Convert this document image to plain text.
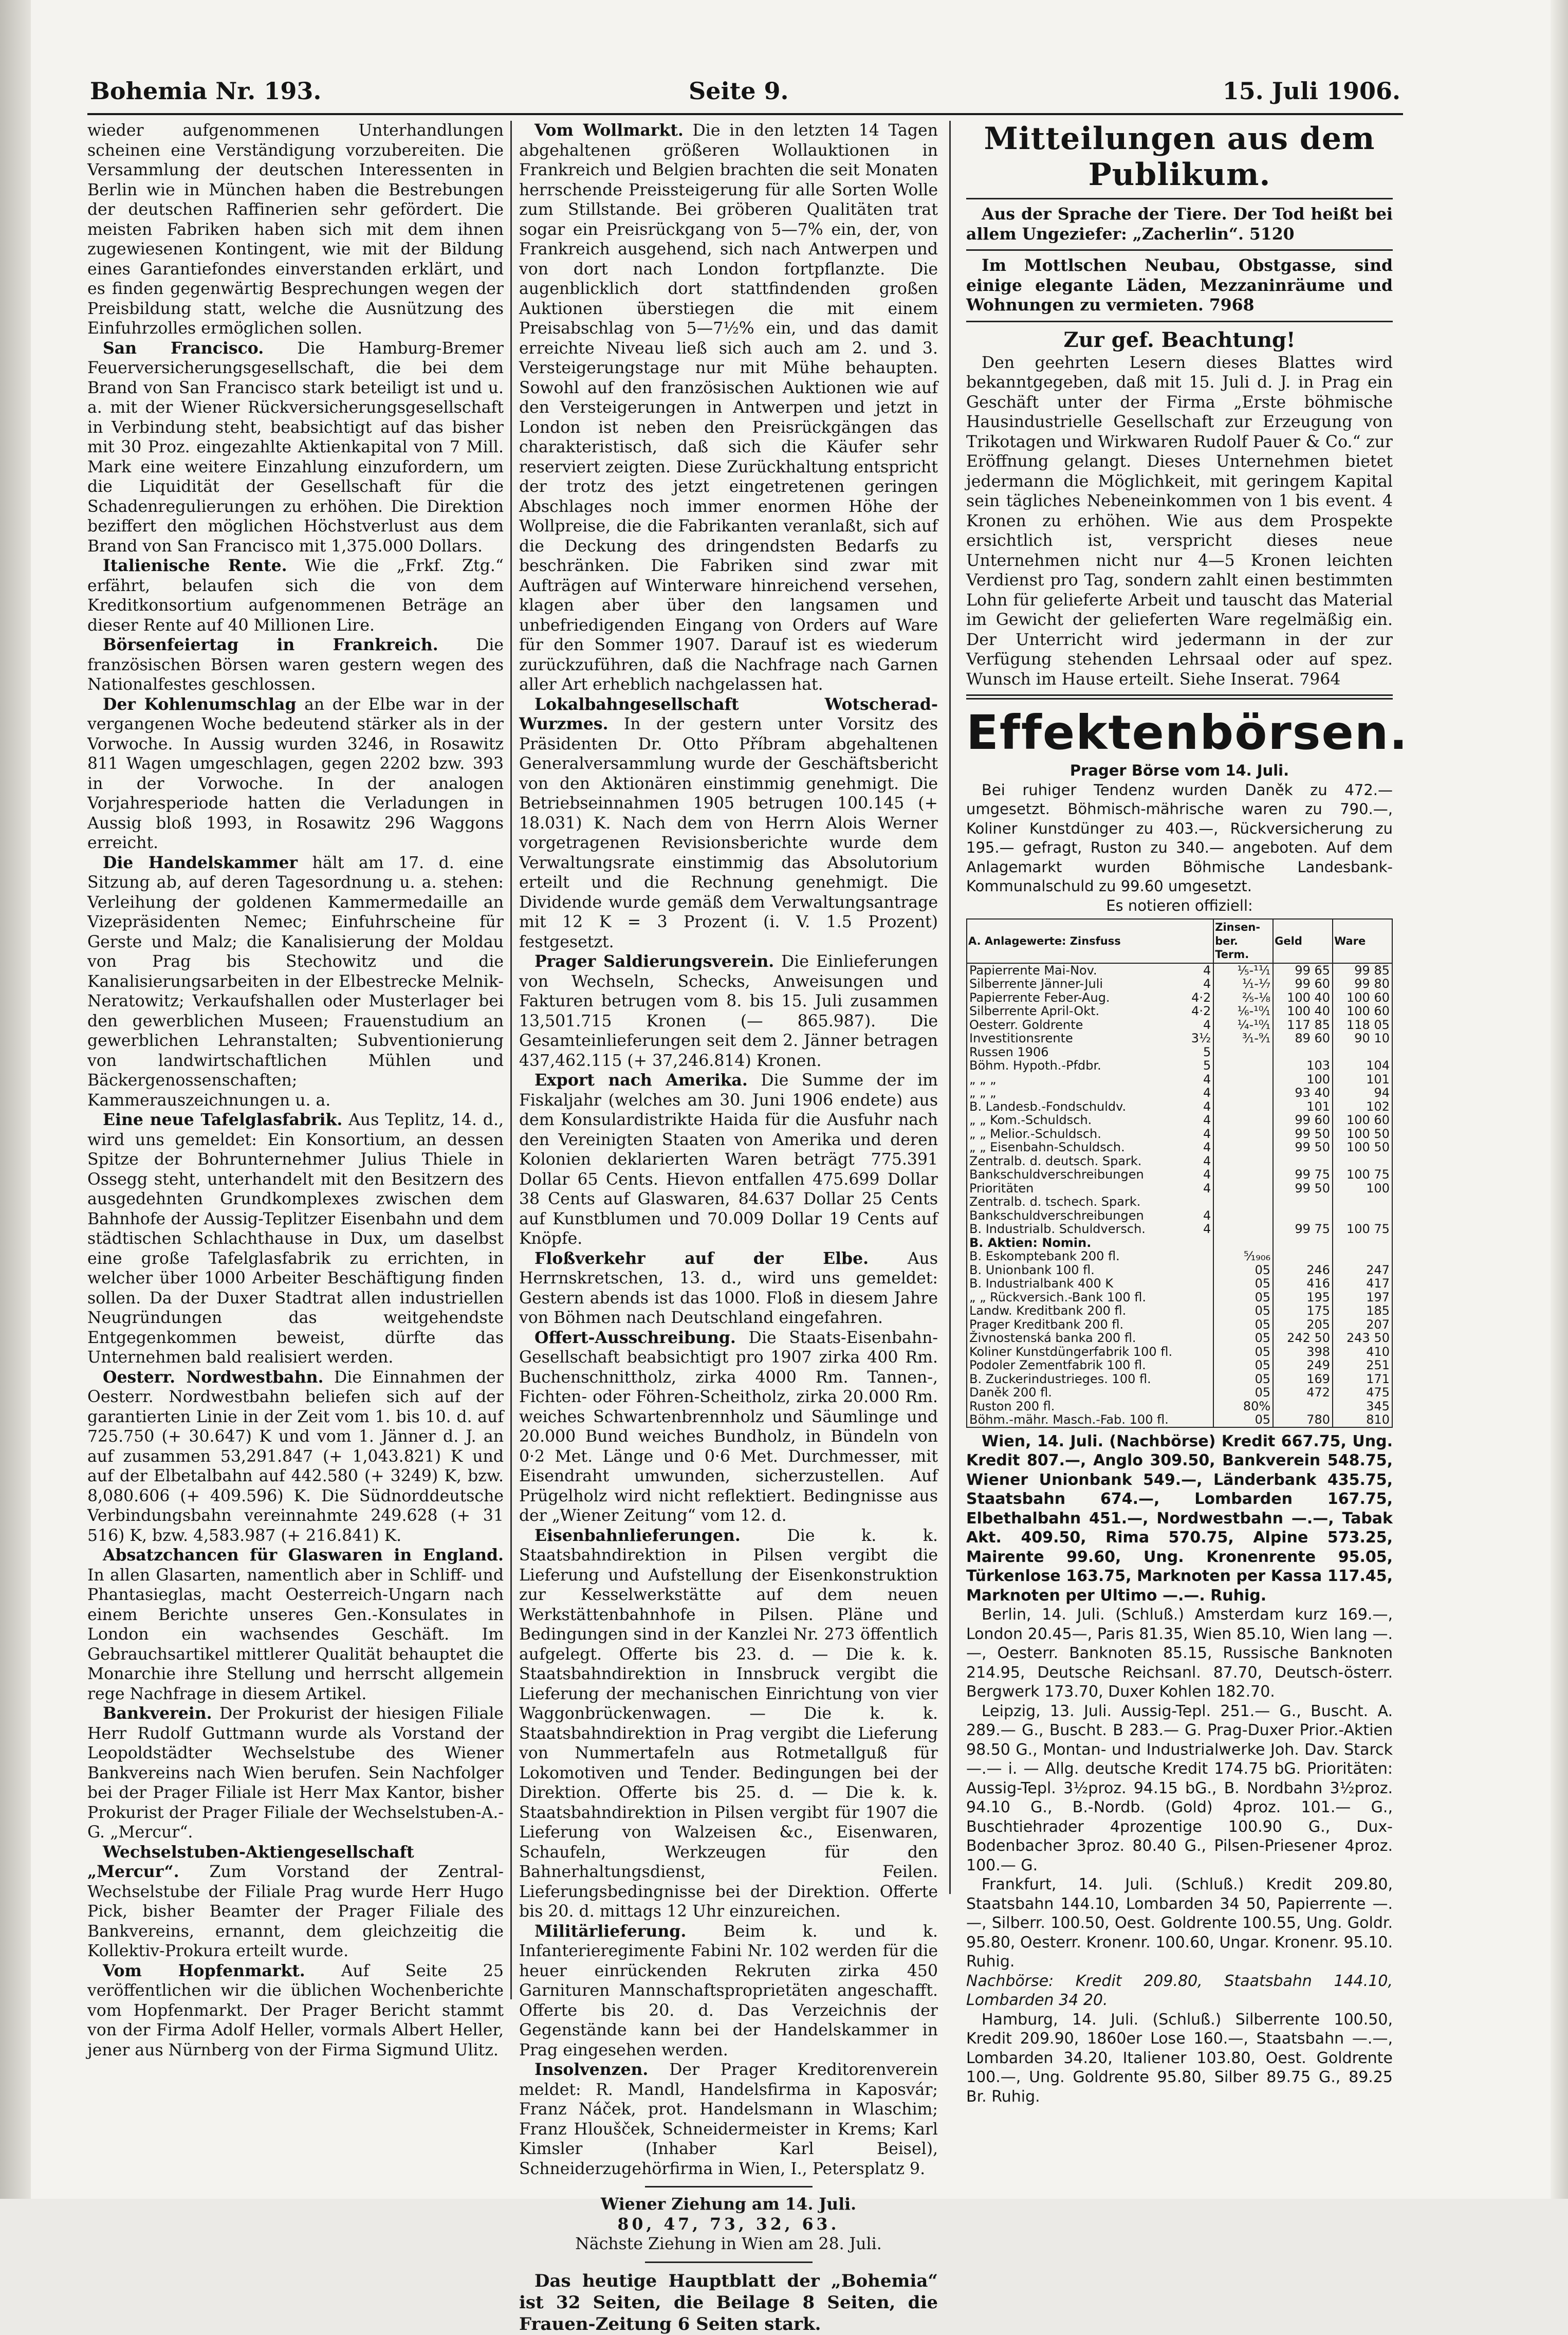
Bohemia Nr. 193.	Seite 9.	15. Juli 1906.

wieder aufgenommenen Unterhandlungen scheinen eine Verständigung vorzubereiten. Die Versammlung der deutschen Interessenten in Berlin wie in München haben die Bestrebungen der deutschen Raffinerien sehr gefördert. Die meisten Fabriken haben sich mit dem ihnen zugewiesenen Kontingent, wie mit der Bildung eines Garantiefondes einverstanden erklärt, und es finden gegenwärtig Besprechungen wegen der Preisbildung statt, welche die Ausnützung des Einfuhrzolles ermöglichen sollen.

San Francisco. Die Hamburg-Bremer Feuerversicherungsgesellschaft, die bei dem Brand von San Francisco stark beteiligt ist und u. a. mit der Wiener Rückversicherungsgesellschaft in Verbindung steht, beabsichtigt auf das bisher mit 30 Proz. eingezahlte Aktienkapital von 7 Mill. Mark eine weitere Einzahlung einzufordern, um die Liquidität der Gesellschaft für die Schadenregulierungen zu erhöhen. Die Direktion beziffert den möglichen Höchstverlust aus dem Brand von San Francisco mit 1,375.000 Dollars.

Italienische Rente. Wie die „Frkf. Ztg.“ erfährt, belaufen sich die von dem Kreditkonsortium aufgenommenen Beträge an dieser Rente auf 40 Millionen Lire.

Börsenfeiertag in Frankreich. Die französischen Börsen waren gestern wegen des Nationalfestes geschlossen.

Der Kohlenumschlag an der Elbe war in der vergangenen Woche bedeutend stärker als in der Vorwoche. In Aussig wurden 3246, in Rosawitz 811 Wagen umgeschlagen, gegen 2202 bzw. 393 in der Vorwoche. In der analogen Vorjahresperiode hatten die Verladungen in Aussig bloß 1993, in Rosawitz 296 Waggons erreicht.

Die Handelskammer hält am 17. d. eine Sitzung ab, auf deren Tagesordnung u. a. stehen: Verleihung der goldenen Kammermedaille an Vizepräsidenten Nemec; Einfuhrscheine für Gerste und Malz; die Kanalisierung der Moldau von Prag bis Stechowitz und die Kanalisierungsarbeiten in der Elbestrecke Melnik-Neratowitz; Verkaufshallen oder Musterlager bei den gewerblichen Museen; Frauenstudium an gewerblichen Lehranstalten; Subventionierung von landwirtschaftlichen Mühlen und Bäckergenossenschaften; Kammerauszeichnungen u. a.

Eine neue Tafelglasfabrik. Aus Teplitz, 14. d., wird uns gemeldet: Ein Konsortium, an dessen Spitze der Bohrunternehmer Julius Thiele in Ossegg steht, unterhandelt mit den Besitzern des ausgedehnten Grundkomplexes zwischen dem Bahnhofe der Aussig-Teplitzer Eisenbahn und dem städtischen Schlachthause in Dux, um daselbst eine große Tafelglasfabrik zu errichten, in welcher über 1000 Arbeiter Beschäftigung finden sollen. Da der Duxer Stadtrat allen industriellen Neugründungen das weitgehendste Entgegenkommen beweist, dürfte das Unternehmen bald realisiert werden.

Oesterr. Nordwestbahn. Die Einnahmen der Oesterr. Nordwestbahn beliefen sich auf der garantierten Linie in der Zeit vom 1. bis 10. d. auf 725.750 (+ 30.647) K und vom 1. Jänner d. J. an auf zusammen 53,291.847 (+ 1,043.821) K und auf der Elbetalbahn auf 442.580 (+ 3249) K, bzw. 8,080.606 (+ 409.596) K. Die Südnorddeutsche Verbindungsbahn vereinnahmte 249.628 (+ 31 516) K, bzw. 4,583.987 (+ 216.841) K.

Absatzchancen für Glaswaren in England. In allen Glasarten, namentlich aber in Schliff- und Phantasieglas, macht Oesterreich-Ungarn nach einem Berichte unseres Gen.-Konsulates in London ein wachsendes Geschäft. Im Gebrauchsartikel mittlerer Qualität behauptet die Monarchie ihre Stellung und herrscht allgemein rege Nachfrage in diesem Artikel.

Bankverein. Der Prokurist der hiesigen Filiale Herr Rudolf Guttmann wurde als Vorstand der Leopoldstädter Wechselstube des Wiener Bankvereins nach Wien berufen. Sein Nachfolger bei der Prager Filiale ist Herr Max Kantor, bisher Prokurist der Prager Filiale der Wechselstuben-A.-G. „Mercur“.

Wechselstuben-Aktiengesellschaft „Mercur“. Zum Vorstand der Zentral-Wechselstube der Filiale Prag wurde Herr Hugo Pick, bisher Beamter der Prager Filiale des Bankvereins, ernannt, dem gleichzeitig die Kollektiv-Prokura erteilt wurde.

Vom Hopfenmarkt. Auf Seite 25 veröffentlichen wir die üblichen Wochenberichte vom Hopfenmarkt. Der Prager Bericht stammt von der Firma Adolf Heller, vormals Albert Heller, jener aus Nürnberg von der Firma Sigmund Ulitz.

Vom Wollmarkt. Die in den letzten 14 Tagen abgehaltenen größeren Wollauktionen in Frankreich und Belgien brachten die seit Monaten herrschende Preissteigerung für alle Sorten Wolle zum Stillstande. Bei gröberen Qualitäten trat sogar ein Preisrückgang von 5—7% ein, der, von Frankreich ausgehend, sich nach Antwerpen und von dort nach London fortpflanzte. Die augenblicklich dort stattfindenden großen Auktionen überstiegen die mit einem Preisabschlag von 5—7½% ein, und das damit erreichte Niveau ließ sich auch am 2. und 3. Versteigerungstage nur mit Mühe behaupten. Sowohl auf den französischen Auktionen wie auf den Versteigerungen in Antwerpen und jetzt in London ist neben den Preisrückgängen das charakteristisch, daß sich die Käufer sehr reserviert zeigten. Diese Zurückhaltung entspricht der trotz des jetzt eingetretenen geringen Abschlages noch immer enormen Höhe der Wollpreise, die die Fabrikanten veranlaßt, sich auf die Deckung des dringendsten Bedarfs zu beschränken. Die Fabriken sind zwar mit Aufträgen auf Winterware hinreichend versehen, klagen aber über den langsamen und unbefriedigenden Eingang von Orders auf Ware für den Sommer 1907. Darauf ist es wiederum zurückzuführen, daß die Nachfrage nach Garnen aller Art erheblich nachgelassen hat.

Lokalbahngesellschaft Wotscherad-Wurzmes. In der gestern unter Vorsitz des Präsidenten Dr. Otto Příbram abgehaltenen Generalversammlung wurde der Geschäftsbericht von den Aktionären einstimmig genehmigt. Die Betriebseinnahmen 1905 betrugen 100.145 (+ 18.031) K. Nach dem von Herrn Alois Werner vorgetragenen Revisionsberichte wurde dem Verwaltungsrate einstimmig das Absolutorium erteilt und die Rechnung genehmigt. Die Dividende wurde gemäß dem Verwaltungsantrage mit 12 K = 3 Prozent (i. V. 1.5 Prozent) festgesetzt.

Prager Saldierungsverein. Die Einlieferungen von Wechseln, Schecks, Anweisungen und Fakturen betrugen vom 8. bis 15. Juli zusammen 13,501.715 Kronen (— 865.987). Die Gesamteinlieferungen seit dem 2. Jänner betragen 437,462.115 (+ 37,246.814) Kronen.

Export nach Amerika. Die Summe der im Fiskaljahr (welches am 30. Juni 1906 endete) aus dem Konsulardistrikte Haida für die Ausfuhr nach den Vereinigten Staaten von Amerika und deren Kolonien deklarierten Waren beträgt 775.391 Dollar 65 Cents. Hievon entfallen 475.699 Dollar 38 Cents auf Glaswaren, 84.637 Dollar 25 Cents auf Kunstblumen und 70.009 Dollar 19 Cents auf Knöpfe.

Floßverkehr auf der Elbe. Aus Herrnskretschen, 13. d., wird uns gemeldet: Gestern abends ist das 1000. Floß in diesem Jahre von Böhmen nach Deutschland eingefahren.

Offert-Ausschreibung. Die Staats-Eisenbahn-Gesellschaft beabsichtigt pro 1907 zirka 400 Rm. Buchenschnittholz, zirka 4000 Rm. Tannen-, Fichten- oder Föhren-Scheitholz, zirka 20.000 Rm. weiches Schwartenbrennholz und Säumlinge und 20.000 Bund weiches Bundholz, in Bündeln von 0·2 Met. Länge und 0·6 Met. Durchmesser, mit Eisendraht umwunden, sicherzustellen. Auf Prügelholz wird nicht reflektiert. Bedingnisse aus der „Wiener Zeitung“ vom 12. d.

Eisenbahnlieferungen.	Die k. k. Staatsbahndirektion in Pilsen vergibt die Lieferung und Aufstellung der Eisenkonstruktion zur Kesselwerkstätte auf dem neuen Werkstättenbahnhofe in Pilsen. Pläne und Bedingungen sind in der Kanzlei Nr. 273 öffentlich aufgelegt. Offerte bis 23. d. — Die k. k. Staatsbahndirektion in Innsbruck vergibt die Lieferung der mechanischen Einrichtung von vier Waggonbrückenwagen. — Die k. k. Staatsbahndirektion in Prag vergibt die Lieferung von Nummertafeln aus Rotmetallguß für Lokomotiven und Tender. Bedingungen bei der Direktion. Offerte bis 25. d. — Die k. k. Staatsbahndirektion in Pilsen vergibt für 1907 die Lieferung von Walzeisen &c., Eisenwaren, Schaufeln, Werkzeugen für den Bahnerhaltungsdienst, Feilen. Lieferungsbedingnisse bei der Direktion. Offerte bis 20. d. mittags 12 Uhr einzureichen.

Militärlieferung. Beim k. und k. Infanterieregimente Fabini Nr. 102 werden für die heuer einrückenden Rekruten zirka 450 Garnituren Mannschaftsproprietäten angeschafft. Offerte bis 20. d. Das Verzeichnis der Gegenstände kann bei der Handelskammer in Prag eingesehen werden.

Insolvenzen. Der Prager Kreditorenverein meldet: R. Mandl, Handelsfirma in Kaposvár; Franz Náček, prot. Handelsmann in Wlaschim; Franz Hloušček, Schneidermeister in Krems; Karl Kimsler (Inhaber Karl Beisel), Schneiderzugehörfirma in Wien, I., Petersplatz 9.

Wiener Ziehung am 14. Juli.

80, 47, 73, 32, 63.

Nächste Ziehung in Wien am 28. Juli.

Das heutige Hauptblatt der „Bohemia“ ist 32 Seiten, die Beilage 8 Seiten, die Frauen-Zeitung 6 Seiten stark.

Mitteilungen aus dem Publikum.

Aus der Sprache der Tiere. Der Tod heißt bei allem Ungeziefer: „Zacherlin“. 5120

Im Mottlschen Neubau, Obstgasse, sind einige elegante Läden, Mezzaninräume und Wohnungen zu vermieten. 7968

Zur gef. Beachtung!

Den geehrten Lesern dieses Blattes wird bekanntgegeben, daß mit 15. Juli d. J. in Prag ein Geschäft unter der Firma „Erste böhmische Hausindustrielle Gesellschaft zur Erzeugung von Trikotagen und Wirkwaren Rudolf Pauer & Co.“ zur Eröffnung gelangt. Dieses Unternehmen bietet jedermann die Möglichkeit, mit geringem Kapital sein tägliches Nebeneinkommen von 1 bis event. 4 Kronen zu erhöhen. Wie aus dem Prospekte ersichtlich ist, verspricht dieses neue Unternehmen nicht nur 4—5 Kronen leichten Verdienst pro Tag, sondern zahlt einen bestimmten Lohn für gelieferte Arbeit und tauscht das Material im Gewicht der gelieferten Ware regelmäßig ein. Der Unterricht wird jedermann in der zur Verfügung stehenden Lehrsaal oder auf spez. Wunsch im Hause erteilt. Siehe Inserat. 7964

Effektenbörsen.

Prager Börse vom 14. Juli.

Bei ruhiger Tendenz wurden Daněk zu 472.— umgesetzt. Böhmisch-mährische waren zu 790.—, Koliner Kunstdünger zu 403.—, Rückversicherung zu 195.— gefragt, Ruston zu 340.— angeboten. Auf dem Anlagemarkt wurden Böhmische Landesbank-Kommunalschuld zu 99.60 umgesetzt.

Es notieren offiziell:

A. Anlagewerte: Zinsfuss	Zinsen-ber. Term.	Geld	Ware
Papierrente Mai-Nov. 4	⅕-¹¹⁄₁	99 65	99 85
Silberrente Jänner-Juli 4	¹⁄₁-⅐	99 60	99 80
Papierrente Feber-Aug. 4·2	⅖-⅛	100 40	100 60
Silberrente April-Okt. 4·2	⅙-¹⁰⁄₁	100 40	100 60
Oesterr. Goldrente 4	¹⁄₄-¹⁰⁄₁	117 85	118 05
Investitionsrente 3½	³⁄₁-⁹⁄₁	89 60	90 10
Russen 1906 5			

Böhm. Hypoth.-Pfdbr. 5		103	104
„ „ „ 4		100	101
„ „ „ 4		93 40	94
B. Landesb.-Fondschuldv. 4		101	102
„ „ Kom.-Schuldsch. 4		99 60	100 60
„ „ Melior.-Schuldsch. 4		99 50	100 50
„ „ Eisenbahn-Schuldsch. 4		99 50	100 50
Zentralb. d. deutsch. Spark. 4			

Bankschuldverschreibungen 4		99 75	100 75
Prioritäten 4		99 50	100
Zentralb. d. tschech. Spark.

Bankschuldverschreibungen 4			

B. Industrialb. Schuldversch. 4		99 75	100 75
B. Aktien: Nomin.

B. Eskomptebank 200 fl.	⁵⁄₁₉₀₆		
B. Unionbank 100 fl.	05	246	247
B. Industrialbank 400 K	05	416	417
„ „ Rückversich.-Bank 100 fl.	05	195	197
Landw. Kreditbank 200 fl.	05	175	185
Prager Kreditbank 200 fl.	05	205	207
Živnostenská banka 200 fl.	05	242 50	243 50
Koliner Kunstdüngerfabrik 100 fl.	05	398	410
Podoler Zementfabrik 100 fl.	05	249	251
B. Zuckerindustrieges. 100 fl.	05	169	171
Daněk 200 fl.	05	472	475
Ruston 200 fl.	80%		345
Böhm.-mähr. Masch.-Fab. 100 fl.	05	780	810

Wien, 14. Juli. (Nachbörse) Kredit 667.75, Ung. Kredit 807.—, Anglo 309.50, Bankverein 548.75, Wiener Unionbank 549.—, Länderbank 435.75, Staatsbahn 674.—, Lombarden 167.75, Elbethalbahn 451.—, Nordwestbahn —.—, Tabak Akt. 409.50, Rima 570.75, Alpine 573.25, Mairente 99.60, Ung. Kronenrente 95.05, Türkenlose 163.75, Marknoten per Kassa 117.45, Marknoten per Ultimo —.—. Ruhig.

Berlin, 14. Juli. (Schluß.) Amsterdam kurz 169.—, London 20.45—, Paris 81.35, Wien 85.10, Wien lang —.—, Oesterr. Banknoten 85.15, Russische Banknoten 214.95, Deutsche Reichsanl. 87.70, Deutsch-österr. Bergwerk 173.70, Duxer Kohlen 182.70.

Leipzig, 13. Juli. Aussig-Tepl. 251.— G., Buscht. A. 289.— G., Buscht. B 283.— G. Prag-Duxer Prior.-Aktien 98.50 G., Montan- und Industrialwerke Joh. Dav. Starck —.— i. — Allg. deutsche Kredit 174.75 bG. Prioritäten: Aussig-Tepl. 3½proz. 94.15 bG., B. Nordbahn 3½proz. 94.10 G., B.-Nordb. (Gold) 4proz. 101.— G., Buschtiehrader 4prozentige 100.90 G., Dux-Bodenbacher 3proz. 80.40 G., Pilsen-Priesener 4proz. 100.— G.

Frankfurt, 14. Juli. (Schluß.) Kredit 209.80, Staatsbahn 144.10, Lombarden 34 50, Papierrente —.—, Silberr. 100.50, Oest. Goldrente 100.55, Ung. Goldr. 95.80, Oesterr. Kronenr. 100.60, Ungar. Kronenr. 95.10. Ruhig.

Nachbörse: Kredit 209.80, Staatsbahn 144.10, Lombarden 34 20.

Hamburg, 14. Juli. (Schluß.) Silberrente 100.50, Kredit 209.90, 1860er Lose 160.—, Staatsbahn —.—, Lombarden 34.20, Italiener 103.80, Oest. Goldrente 100.—, Ung. Goldrente 95.80, Silber 89.75 G., 89.25 Br. Ruhig.
